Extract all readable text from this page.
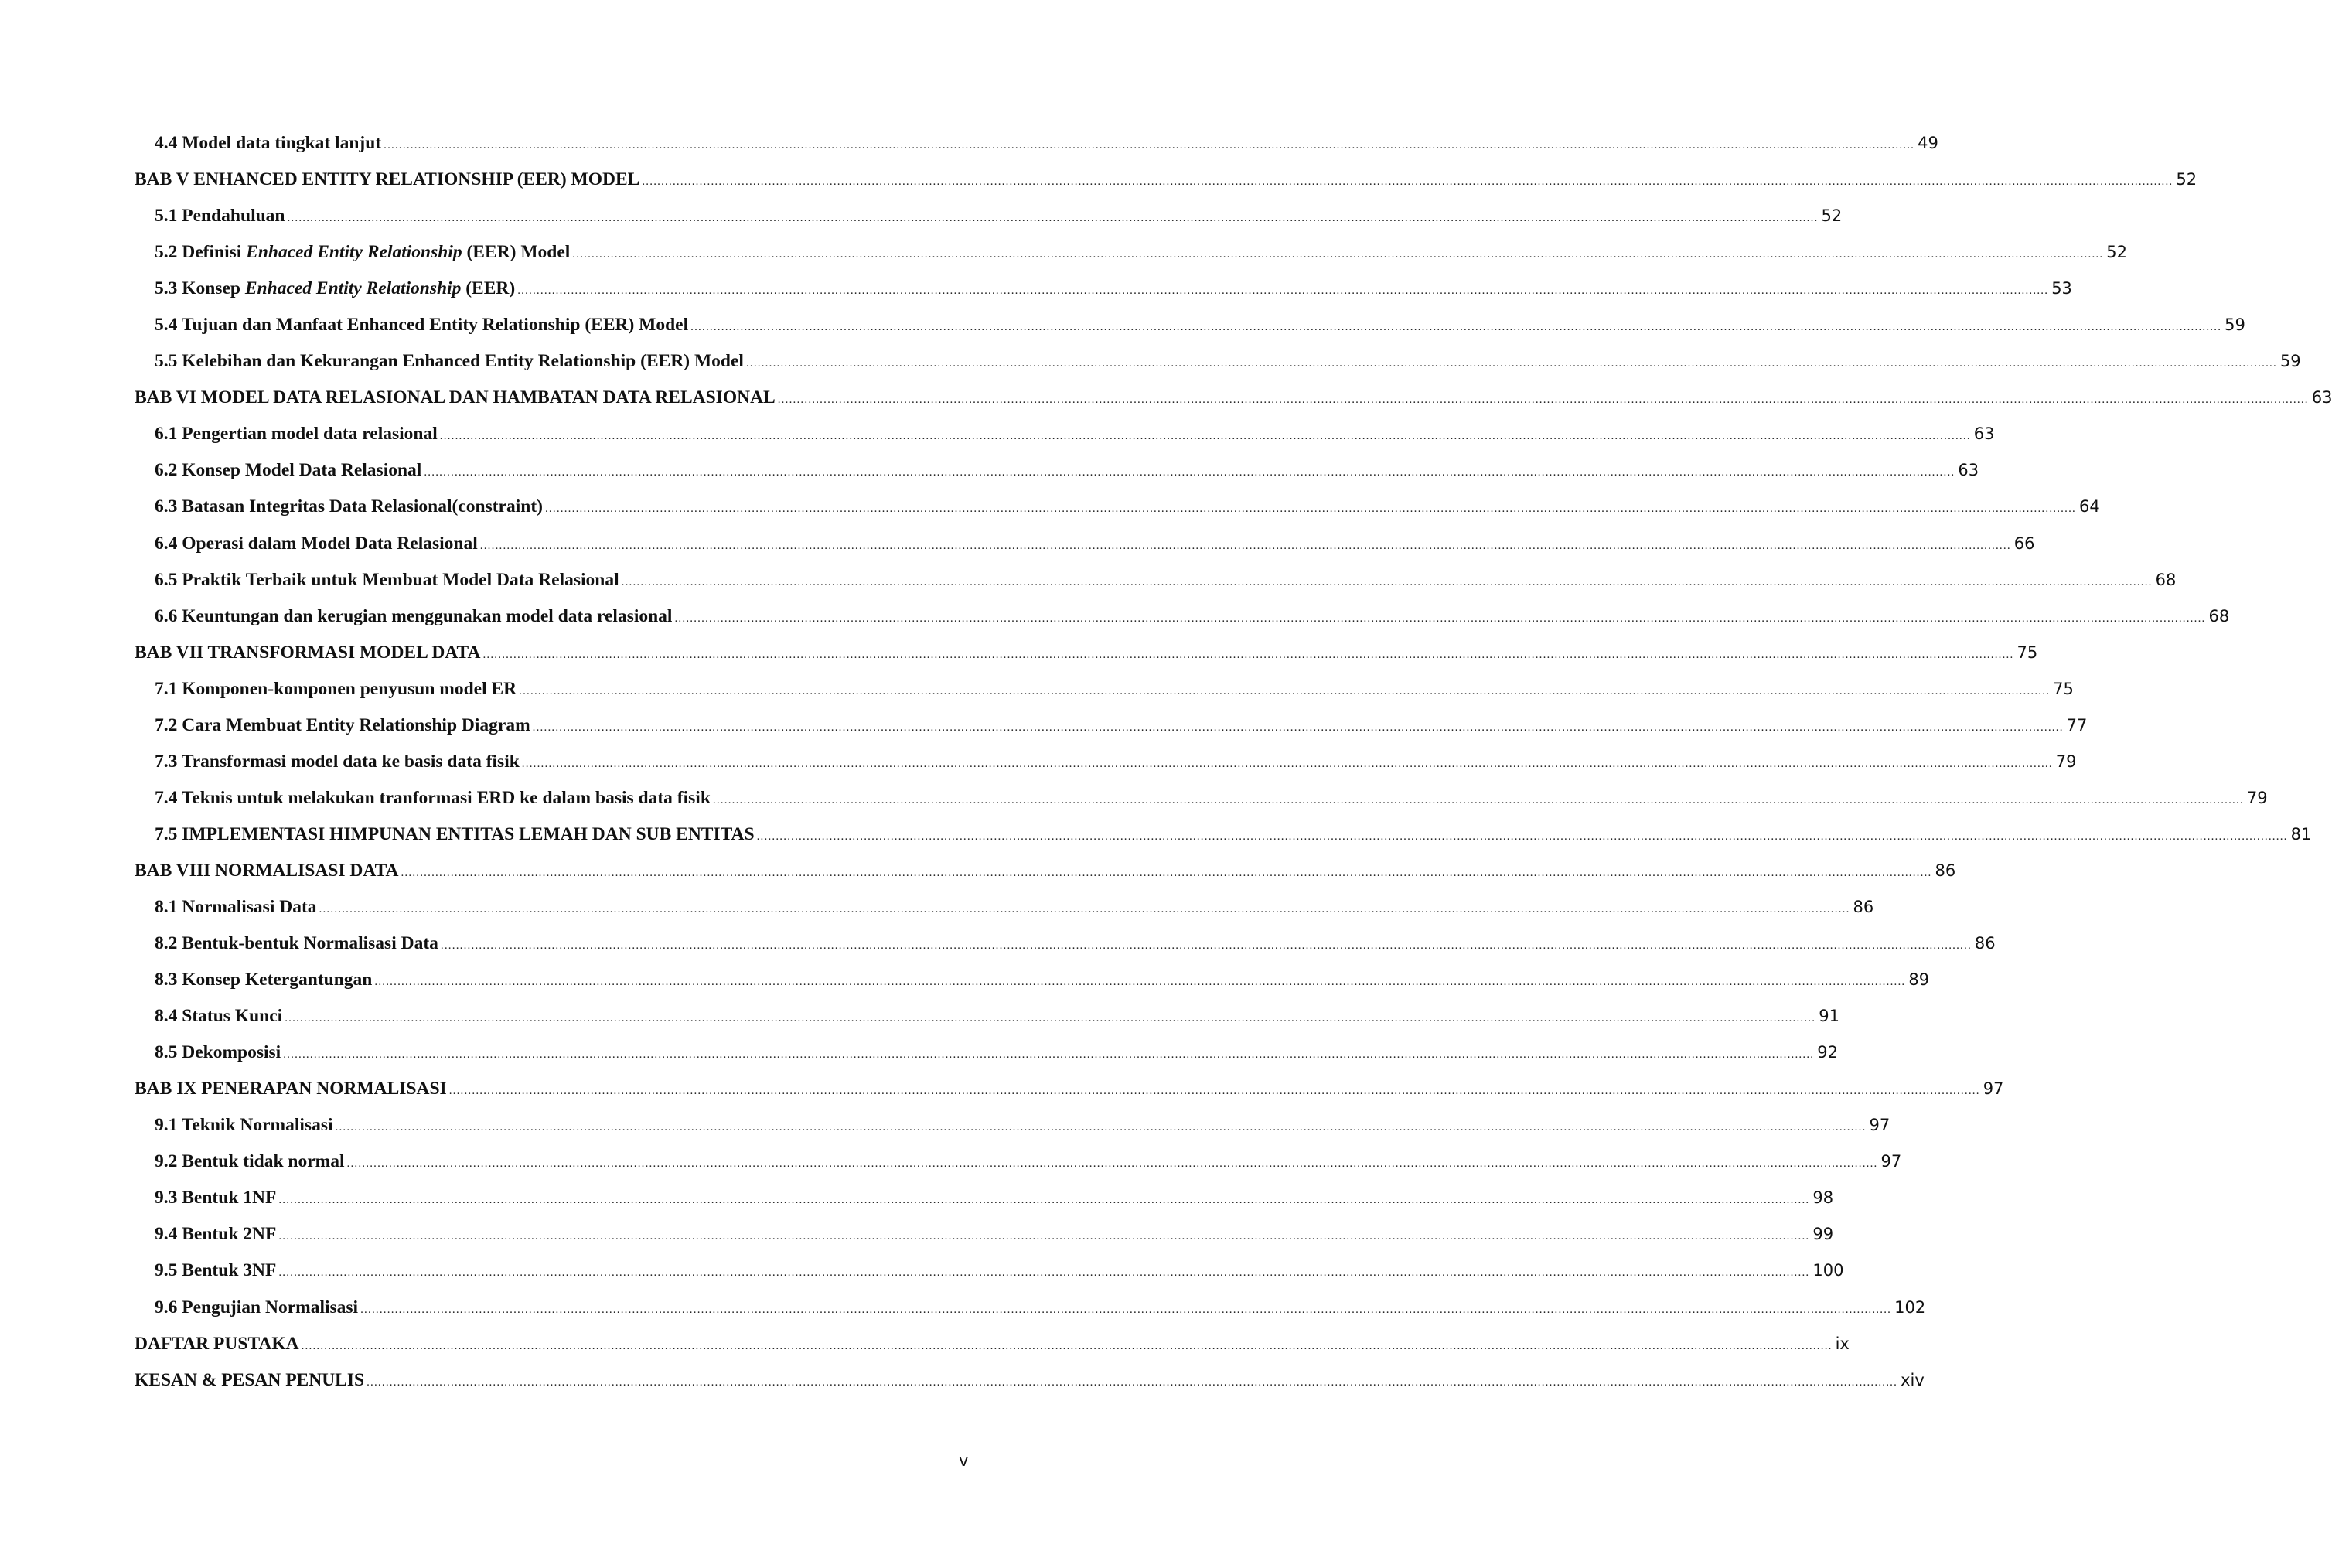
4.4 Model data tingkat lanjut ................................................................................................................................................................................................................................................................................................................................................................................................................ 49
BAB V ENHANCED ENTITY RELATIONSHIP (EER) MODEL ................................................................................................................................................................................................................................................................................................................................................................................................................ 52
5.1 Pendahuluan ................................................................................................................................................................................................................................................................................................................................................................................................................ 52
5.2 Definisi Enhaced Entity Relationship (EER) Model ................................................................................................................................................................................................................................................................................................................................................................................................................ 52
5.3 Konsep Enhaced Entity Relationship (EER) ................................................................................................................................................................................................................................................................................................................................................................................................................ 53
5.4 Tujuan dan Manfaat Enhanced Entity Relationship (EER) Model ................................................................................................................................................................................................................................................................................................................................................................................................................ 59
5.5 Kelebihan dan Kekurangan Enhanced Entity Relationship (EER) Model ................................................................................................................................................................................................................................................................................................................................................................................................................ 59
BAB VI MODEL DATA RELASIONAL DAN HAMBATAN DATA RELASIONAL ................................................................................................................................................................................................................................................................................................................................................................................................................ 63
6.1 Pengertian model data relasional ................................................................................................................................................................................................................................................................................................................................................................................................................ 63
6.2 Konsep Model Data Relasional ................................................................................................................................................................................................................................................................................................................................................................................................................ 63
6.3 Batasan Integritas Data Relasional(constraint) ................................................................................................................................................................................................................................................................................................................................................................................................................ 64
6.4 Operasi dalam Model Data Relasional ................................................................................................................................................................................................................................................................................................................................................................................................................ 66
6.5 Praktik Terbaik untuk Membuat Model Data Relasional ................................................................................................................................................................................................................................................................................................................................................................................................................ 68
6.6 Keuntungan dan kerugian menggunakan model data relasional ................................................................................................................................................................................................................................................................................................................................................................................................................ 68
BAB VII TRANSFORMASI MODEL DATA ................................................................................................................................................................................................................................................................................................................................................................................................................ 75
7.1 Komponen-komponen penyusun model ER ................................................................................................................................................................................................................................................................................................................................................................................................................ 75
7.2 Cara Membuat Entity Relationship Diagram ................................................................................................................................................................................................................................................................................................................................................................................................................ 77
7.3 Transformasi model data ke basis data fisik ................................................................................................................................................................................................................................................................................................................................................................................................................ 79
7.4 Teknis untuk melakukan tranformasi ERD ke dalam basis data fisik ................................................................................................................................................................................................................................................................................................................................................................................................................ 79
7.5 IMPLEMENTASI HIMPUNAN ENTITAS LEMAH DAN SUB ENTITAS ................................................................................................................................................................................................................................................................................................................................................................................................................ 81
BAB VIII NORMALISASI DATA ................................................................................................................................................................................................................................................................................................................................................................................................................ 86
8.1 Normalisasi Data ................................................................................................................................................................................................................................................................................................................................................................................................................ 86
8.2 Bentuk-bentuk Normalisasi Data ................................................................................................................................................................................................................................................................................................................................................................................................................ 86
8.3 Konsep Ketergantungan ................................................................................................................................................................................................................................................................................................................................................................................................................ 89
8.4 Status Kunci ................................................................................................................................................................................................................................................................................................................................................................................................................ 91
8.5 Dekomposisi ................................................................................................................................................................................................................................................................................................................................................................................................................ 92
BAB IX PENERAPAN NORMALISASI ................................................................................................................................................................................................................................................................................................................................................................................................................ 97
9.1 Teknik Normalisasi ................................................................................................................................................................................................................................................................................................................................................................................................................ 97
9.2 Bentuk tidak normal ................................................................................................................................................................................................................................................................................................................................................................................................................ 97
9.3 Bentuk 1NF ................................................................................................................................................................................................................................................................................................................................................................................................................ 98
9.4 Bentuk 2NF ................................................................................................................................................................................................................................................................................................................................................................................................................ 99
9.5 Bentuk 3NF ................................................................................................................................................................................................................................................................................................................................................................................................................ 100
9.6 Pengujian Normalisasi ................................................................................................................................................................................................................................................................................................................................................................................................................ 102
DAFTAR PUSTAKA ................................................................................................................................................................................................................................................................................................................................................................................................................ ix
KESAN & PESAN PENULIS ................................................................................................................................................................................................................................................................................................................................................................................................................ xiv
v
